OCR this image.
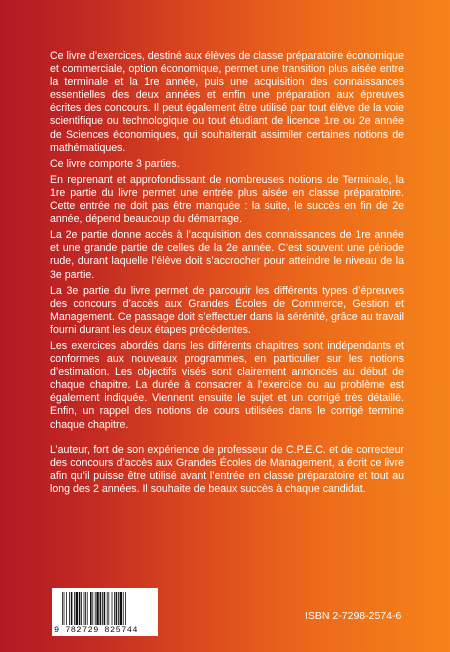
Ce livre d’exercices, destiné aux élèves de classe préparatoire économique et commerciale, option économique, permet une transition plus aisée entre la terminale et la 1re année, puis une acquisition des connaissances essentielles des deux années et enfin une préparation aux épreuves écrites des concours. Il peut également être utilisé par tout élève de la voie scientifique ou technologique ou tout étudiant de licence 1re ou 2e année de Sciences économiques, qui souhaiterait assimiler certaines notions de mathématiques.

Ce livre comporte 3 parties.

En reprenant et approfondissant de nombreuses notions de Terminale, la 1re partie du livre permet une entrée plus aisée en classe préparatoire. Cette entrée ne doit pas être manquée : la suite, le succès en fin de 2e année, dépend beaucoup du démarrage.

La 2e partie donne accès à l’acquisition des connaissances de 1re année et une grande partie de celles de la 2e année. C’est souvent une période rude, durant laquelle l’élève doit s’accrocher pour atteindre le niveau de la 3e partie.

La 3e partie du livre permet de parcourir les différents types d’épreuves des concours d’accès aux Grandes Écoles de Commerce, Gestion et Management. Ce passage doit s’effectuer dans la sérénité, grâce au travail fourni durant les deux étapes précédentes.

Les exercices abordés dans les différents chapitres sont indépendants et conformes aux nouveaux programmes, en particulier sur les notions d’estimation. Les objectifs visés sont clairement annoncés au début de chaque chapitre. La durée à consacrer à l’exercice ou au problème est également indiquée. Viennent ensuite le sujet et un corrigé très détaillé. Enfin, un rappel des notions de cours utilisées dans le corrigé termine chaque chapitre.

L’auteur, fort de son expérience de professeur de C.P.E.C. et de correcteur des concours d’accès aux Grandes Écoles de Management, a écrit ce livre afin qu’il puisse être utilisé avant l’entrée en classe préparatoire et tout au long des 2 années. Il souhaite de beaux succès à chaque candidat.

9 782729 825744
ISBN 2-7298-2574-6
